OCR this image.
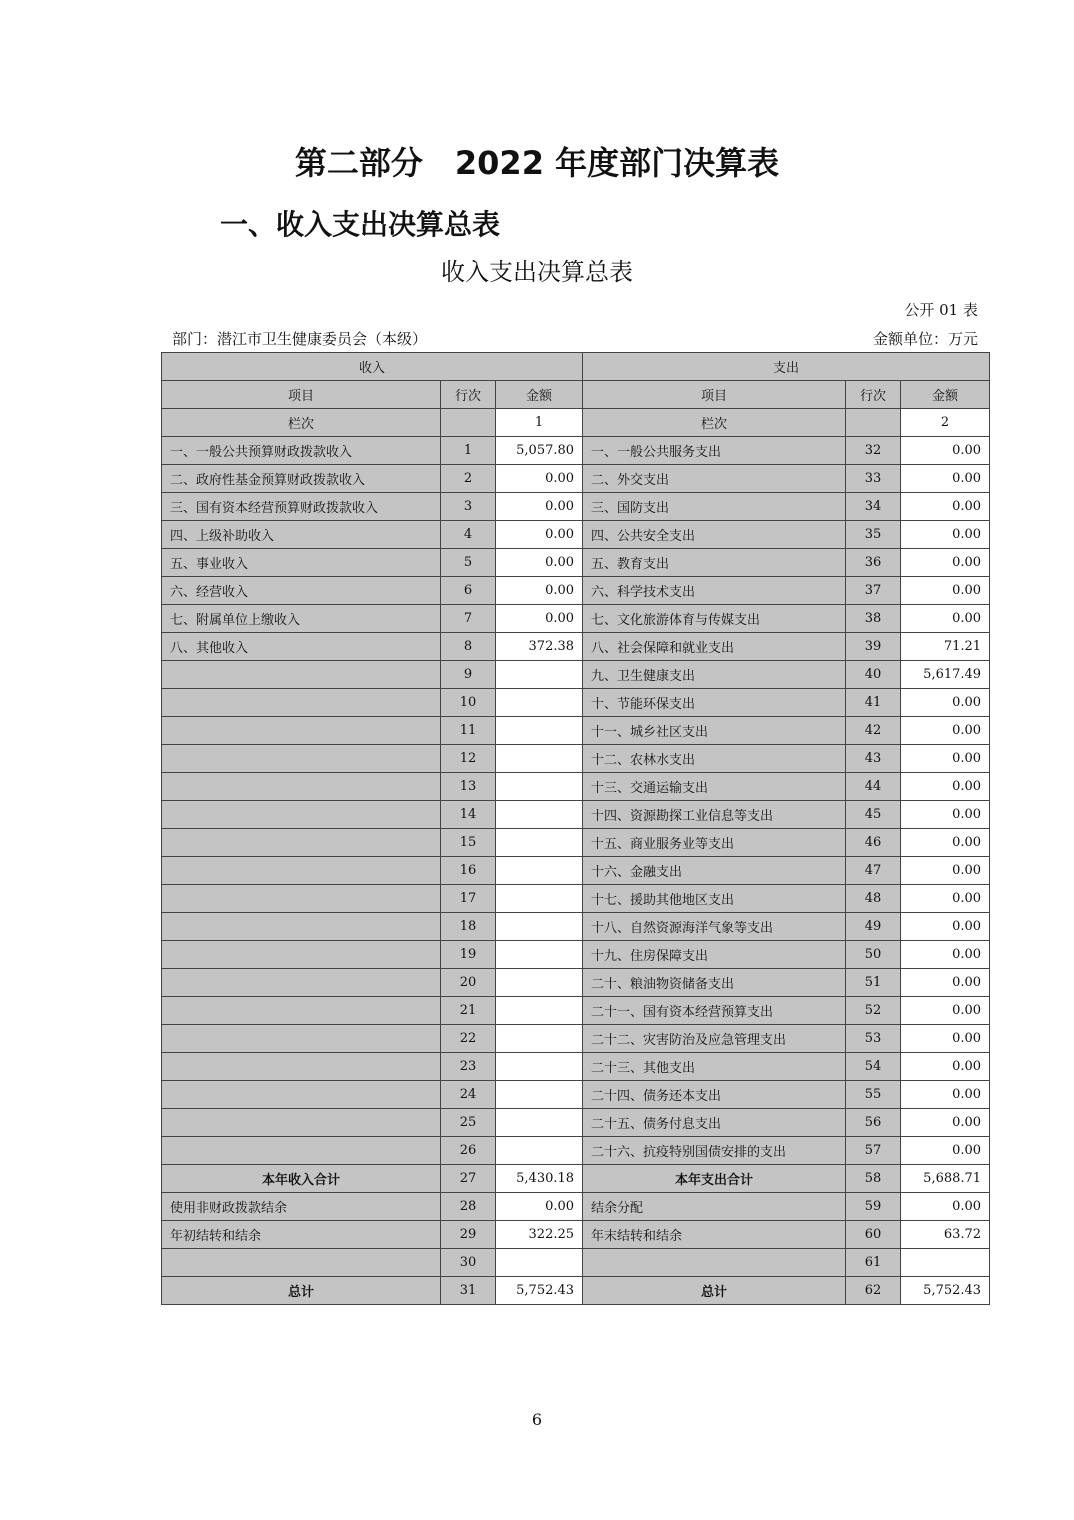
第二部分　2022 年度部门决算表
一、收入支出决算总表
收入支出决算总表
公开 01 表
部门：潜江市卫生健康委员会（本级）	金额单位：万元
收入			支出		
项目	行次	金额	项目	行次	金额
栏次		1	栏次		2
一、一般公共预算财政拨款收入	1	5,057.80	一、一般公共服务支出	32	0.00
二、政府性基金预算财政拨款收入	2	0.00	二、外交支出	33	0.00
三、国有资本经营预算财政拨款收入	3	0.00	三、国防支出	34	0.00
四、上级补助收入	4	0.00	四、公共安全支出	35	0.00
五、事业收入	5	0.00	五、教育支出	36	0.00
六、经营收入	6	0.00	六、科学技术支出	37	0.00
七、附属单位上缴收入	7	0.00	七、文化旅游体育与传媒支出	38	0.00
八、其他收入	8	372.38	八、社会保障和就业支出	39	71.21
	9		九、卫生健康支出	40	5,617.49
	10		十、节能环保支出	41	0.00
	11		十一、城乡社区支出	42	0.00
	12		十二、农林水支出	43	0.00
	13		十三、交通运输支出	44	0.00
	14		十四、资源勘探工业信息等支出	45	0.00
	15		十五、商业服务业等支出	46	0.00
	16		十六、金融支出	47	0.00
	17		十七、援助其他地区支出	48	0.00
	18		十八、自然资源海洋气象等支出	49	0.00
	19		十九、住房保障支出	50	0.00
	20		二十、粮油物资储备支出	51	0.00
	21		二十一、国有资本经营预算支出	52	0.00
	22		二十二、灾害防治及应急管理支出	53	0.00
	23		二十三、其他支出	54	0.00
	24		二十四、债务还本支出	55	0.00
	25		二十五、债务付息支出	56	0.00
	26		二十六、抗疫特别国债安排的支出	57	0.00
本年收入合计	27	5,430.18	本年支出合计	58	5,688.71
使用非财政拨款结余	28	0.00	结余分配	59	0.00
年初结转和结余	29	322.25	年末结转和结余	60	63.72
	30			61	
总计	31	5,752.43	总计	62	5,752.43
6
